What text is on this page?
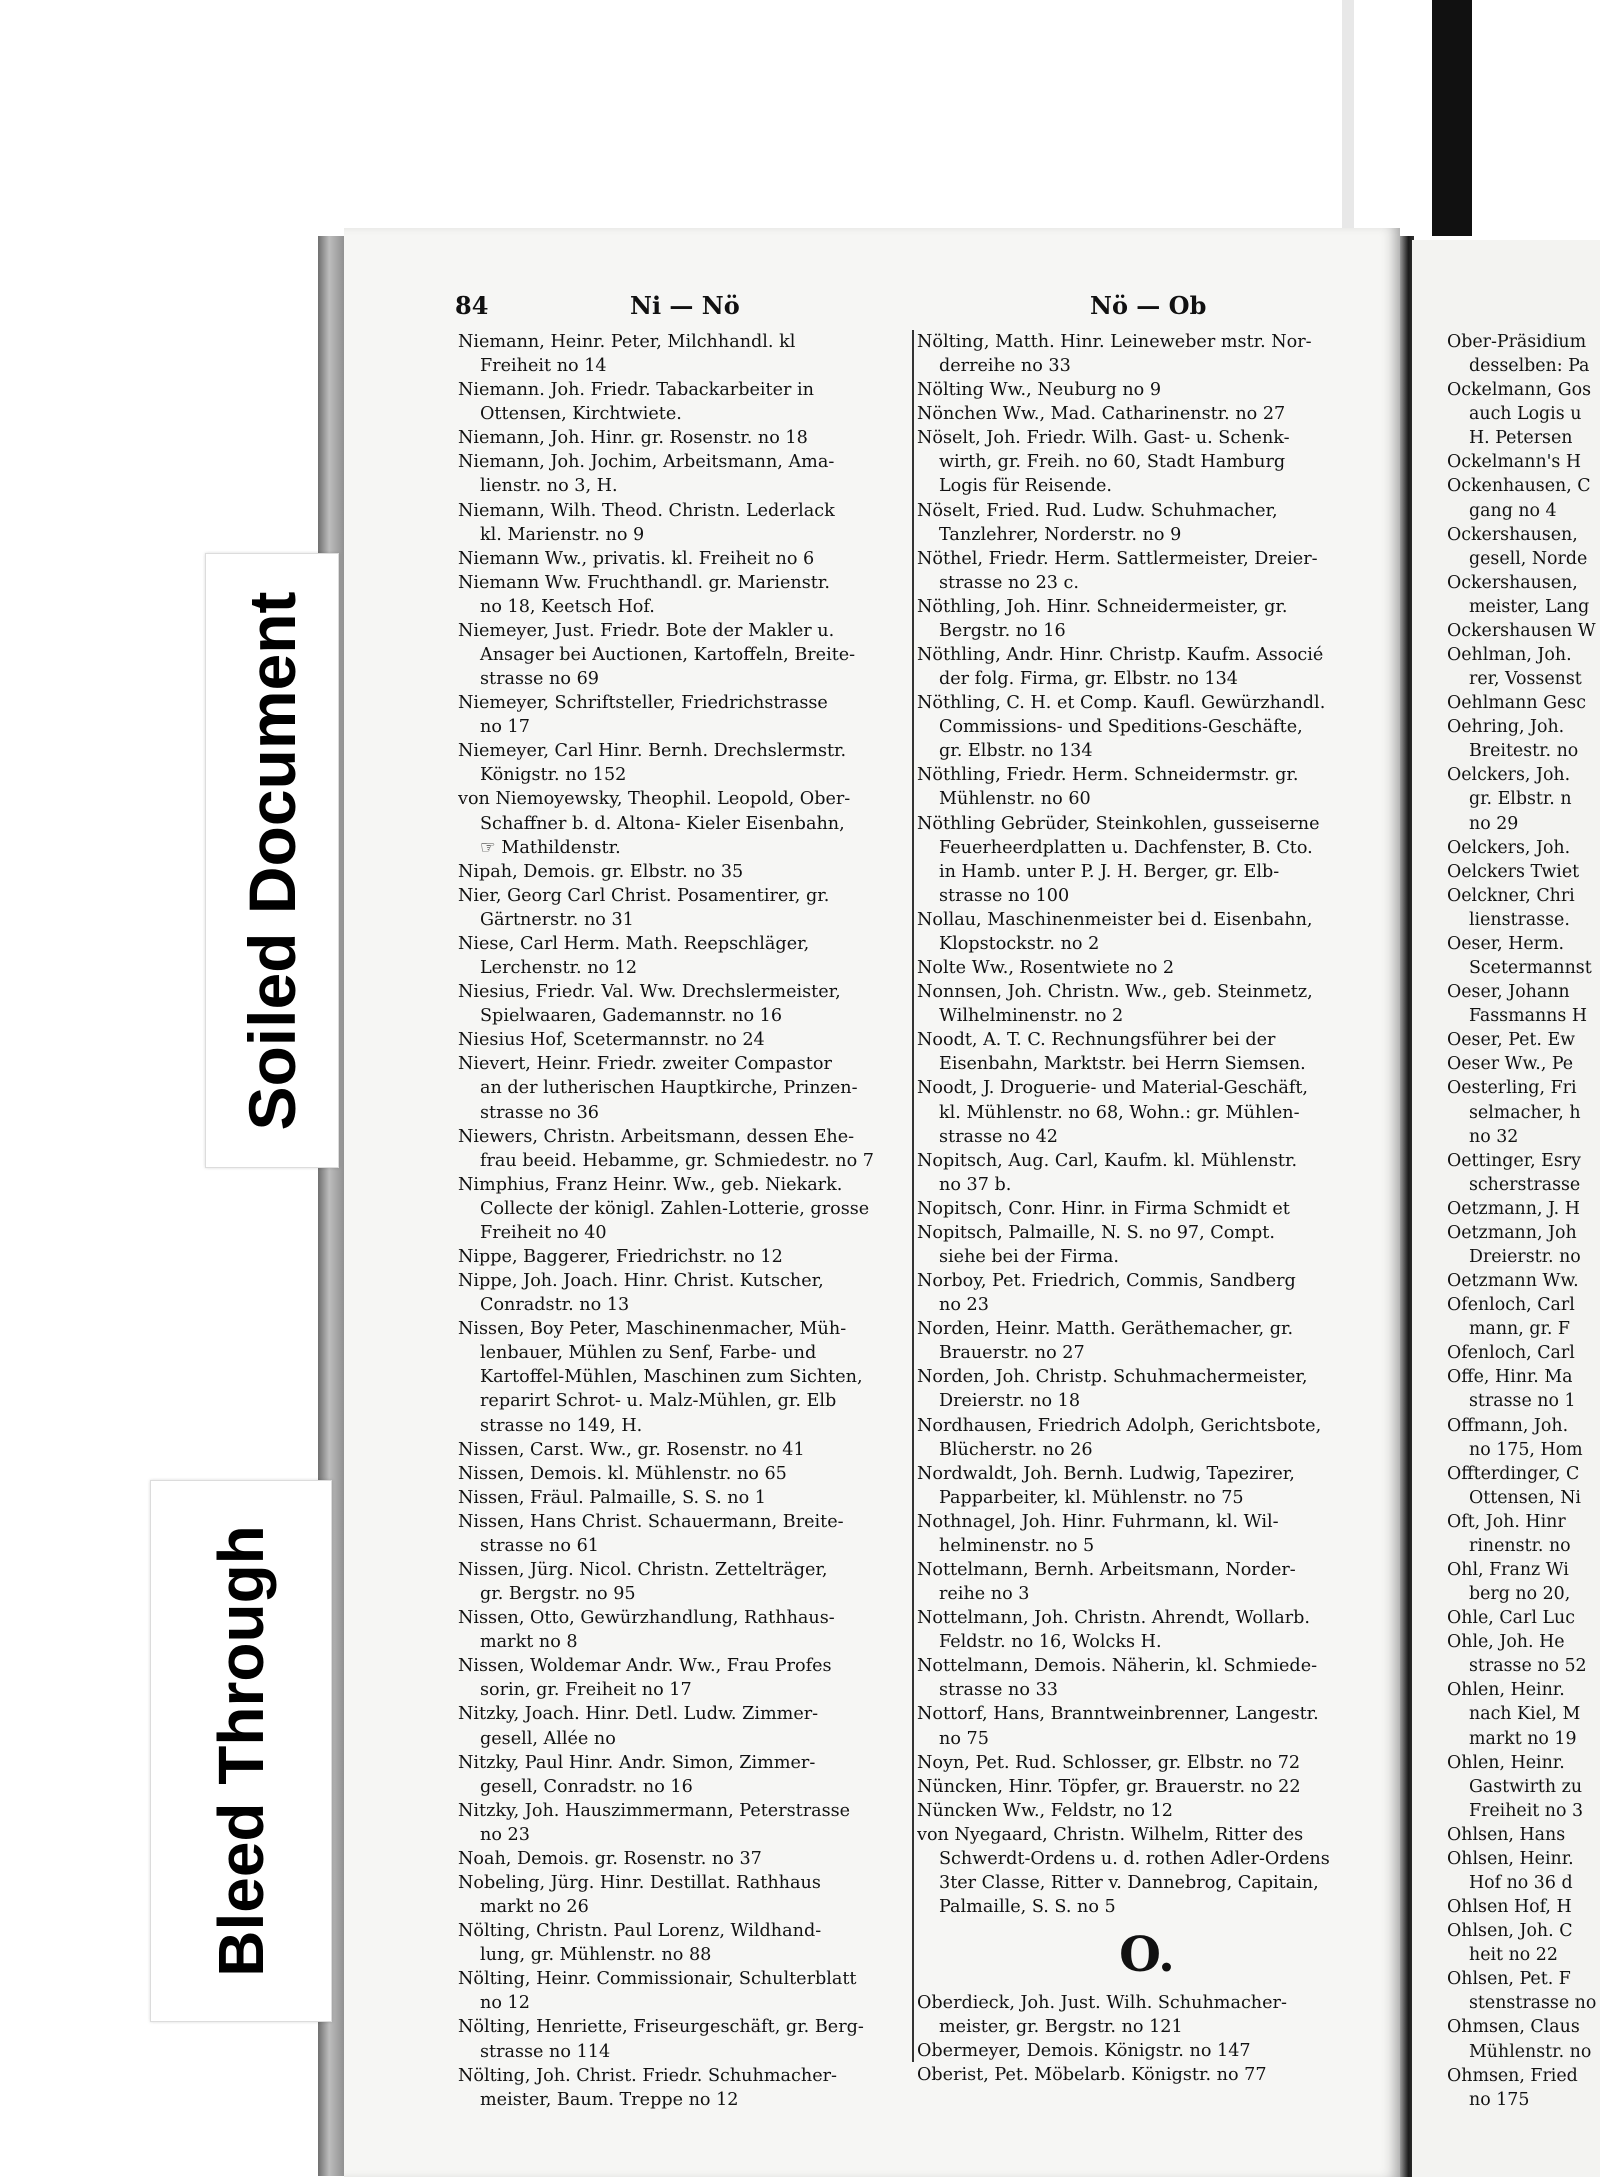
Soiled Document
Bleed Through
84	Ni — Nö	Nö — Ob
Niemann, Heinr. Peter, Milchhandl. kl
Freiheit no 14
Niemann. Joh. Friedr. Tabackarbeiter in
Ottensen, Kirchtwiete.
Niemann, Joh. Hinr. gr. Rosenstr. no 18
Niemann, Joh. Jochim, Arbeitsmann, Ama-
lienstr. no 3, H.
Niemann, Wilh. Theod. Christn. Lederlack
kl. Marienstr. no 9
Niemann Ww., privatis. kl. Freiheit no 6
Niemann Ww. Fruchthandl. gr. Marienstr.
no 18, Keetsch Hof.
Niemeyer, Just. Friedr. Bote der Makler u.
Ansager bei Auctionen, Kartoffeln, Breite-
strasse no 69
Niemeyer, Schriftsteller, Friedrichstrasse
no 17
Niemeyer, Carl Hinr. Bernh. Drechslermstr.
Königstr. no 152
von Niemoyewsky, Theophil. Leopold, Ober-
Schaffner b. d. Altona- Kieler Eisenbahn,
☞ Mathildenstr.
Nipah, Demois. gr. Elbstr. no 35
Nier, Georg Carl Christ. Posamentirer, gr.
Gärtnerstr. no 31
Niese, Carl Herm. Math. Reepschläger,
Lerchenstr. no 12
Niesius, Friedr. Val. Ww. Drechslermeister,
Spielwaaren, Gademannstr. no 16
Niesius Hof, Scetermannstr. no 24
Nievert, Heinr. Friedr. zweiter Compastor
an der lutherischen Hauptkirche, Prinzen-
strasse no 36
Niewers, Christn. Arbeitsmann, dessen Ehe-
frau beeid. Hebamme, gr. Schmiedestr. no 7
Nimphius, Franz Heinr. Ww., geb. Niekark.
Collecte der königl. Zahlen-Lotterie, grosse
Freiheit no 40
Nippe, Baggerer, Friedrichstr. no 12
Nippe, Joh. Joach. Hinr. Christ. Kutscher,
Conradstr. no 13
Nissen, Boy Peter, Maschinenmacher, Müh-
lenbauer, Mühlen zu Senf, Farbe- und
Kartoffel-Mühlen, Maschinen zum Sichten,
reparirt Schrot- u. Malz-Mühlen, gr. Elb
strasse no 149, H.
Nissen, Carst. Ww., gr. Rosenstr. no 41
Nissen, Demois. kl. Mühlenstr. no 65
Nissen, Fräul. Palmaille, S. S. no 1
Nissen, Hans Christ. Schauermann, Breite-
strasse no 61
Nissen, Jürg. Nicol. Christn. Zettelträger,
gr. Bergstr. no 95
Nissen, Otto, Gewürzhandlung, Rathhaus-
markt no 8
Nissen, Woldemar Andr. Ww., Frau Profes
sorin, gr. Freiheit no 17
Nitzky, Joach. Hinr. Detl. Ludw. Zimmer-
gesell, Allée no
Nitzky, Paul Hinr. Andr. Simon, Zimmer-
gesell, Conradstr. no 16
Nitzky, Joh. Hauszimmermann, Peterstrasse
no 23
Noah, Demois. gr. Rosenstr. no 37
Nobeling, Jürg. Hinr. Destillat. Rathhaus
markt no 26
Nölting, Christn. Paul Lorenz, Wildhand-
lung, gr. Mühlenstr. no 88
Nölting, Heinr. Commissionair, Schulterblatt
no 12
Nölting, Henriette, Friseurgeschäft, gr. Berg-
strasse no 114
Nölting, Joh. Christ. Friedr. Schuhmacher-
meister, Baum. Treppe no 12
Nölting, Matth. Hinr. Leineweber mstr. Nor-
derreihe no 33
Nölting Ww., Neuburg no 9
Nönchen Ww., Mad. Catharinenstr. no 27
Nöselt, Joh. Friedr. Wilh. Gast- u. Schenk-
wirth, gr. Freih. no 60, Stadt Hamburg
Logis für Reisende.
Nöselt, Fried. Rud. Ludw. Schuhmacher,
Tanzlehrer, Norderstr. no 9
Nöthel, Friedr. Herm. Sattlermeister, Dreier-
strasse no 23 c.
Nöthling, Joh. Hinr. Schneidermeister, gr.
Bergstr. no 16
Nöthling, Andr. Hinr. Christp. Kaufm. Associé
der folg. Firma, gr. Elbstr. no 134
Nöthling, C. H. et Comp. Kaufl. Gewürzhandl.
Commissions- und Speditions-Geschäfte,
gr. Elbstr. no 134
Nöthling, Friedr. Herm. Schneidermstr. gr.
Mühlenstr. no 60
Nöthling Gebrüder, Steinkohlen, gusseiserne
Feuerheerdplatten u. Dachfenster, B. Cto.
in Hamb. unter P. J. H. Berger, gr. Elb-
strasse no 100
Nollau, Maschinenmeister bei d. Eisenbahn,
Klopstockstr. no 2
Nolte Ww., Rosentwiete no 2
Nonnsen, Joh. Christn. Ww., geb. Steinmetz,
Wilhelminenstr. no 2
Noodt, A. T. C. Rechnungsführer bei der
Eisenbahn, Marktstr. bei Herrn Siemsen.
Noodt, J. Droguerie- und Material-Geschäft,
kl. Mühlenstr. no 68, Wohn.: gr. Mühlen-
strasse no 42
Nopitsch, Aug. Carl, Kaufm. kl. Mühlenstr.
no 37 b.
Nopitsch, Conr. Hinr. in Firma Schmidt et
Nopitsch, Palmaille, N. S. no 97, Compt.
siehe bei der Firma.
Norboy, Pet. Friedrich, Commis, Sandberg
no 23
Norden, Heinr. Matth. Geräthemacher, gr.
Brauerstr. no 27
Norden, Joh. Christp. Schuhmachermeister,
Dreierstr. no 18
Nordhausen, Friedrich Adolph, Gerichtsbote,
Blücherstr. no 26
Nordwaldt, Joh. Bernh. Ludwig, Tapezirer,
Papparbeiter, kl. Mühlenstr. no 75
Nothnagel, Joh. Hinr. Fuhrmann, kl. Wil-
helminenstr. no 5
Nottelmann, Bernh. Arbeitsmann, Norder-
reihe no 3
Nottelmann, Joh. Christn. Ahrendt, Wollarb.
Feldstr. no 16, Wolcks H.
Nottelmann, Demois. Näherin, kl. Schmiede-
strasse no 33
Nottorf, Hans, Branntweinbrenner, Langestr.
no 75
Noyn, Pet. Rud. Schlosser, gr. Elbstr. no 72
Nüncken, Hinr. Töpfer, gr. Brauerstr. no 22
Nüncken Ww., Feldstr, no 12
von Nyegaard, Christn. Wilhelm, Ritter des
Schwerdt-Ordens u. d. rothen Adler-Ordens
3ter Classe, Ritter v. Dannebrog, Capitain,
Palmaille, S. S. no 5
O.
Oberdieck, Joh. Just. Wilh. Schuhmacher-
meister, gr. Bergstr. no 121
Obermeyer, Demois. Königstr. no 147
Oberist, Pet. Möbelarb. Königstr. no 77
Ober-Präsidium
desselben: Pa
Ockelmann, Gos
auch Logis u
H. Petersen
Ockelmann's H
Ockenhausen, C
gang no 4
Ockershausen,
gesell, Norde
Ockershausen,
meister, Lang
Ockershausen W
Oehlman, Joh.
rer, Vossenst
Oehlmann Gesc
Oehring, Joh.
Breitestr. no
Oelckers, Joh.
gr. Elbstr. n
no 29
Oelckers, Joh.
Oelckers Twiet
Oelckner, Chri
lienstrasse.
Oeser, Herm.
Scetermannst
Oeser, Johann
Fassmanns H
Oeser, Pet. Ew
Oeser Ww., Pe
Oesterling, Fri
selmacher, h
no 32
Oettinger, Esry
scherstrasse
Oetzmann, J. H
Oetzmann, Joh
Dreierstr. no
Oetzmann Ww.
Ofenloch, Carl
mann, gr. F
Ofenloch, Carl
Offe, Hinr. Ma
strasse no 1
Offmann, Joh.
no 175, Hom
Offterdinger, C
Ottensen, Ni
Oft, Joh. Hinr
rinenstr. no
Ohl, Franz Wi
berg no 20,
Ohle, Carl Luc
Ohle, Joh. He
strasse no 52
Ohlen, Heinr.
nach Kiel, M
markt no 19
Ohlen, Heinr.
Gastwirth zu
Freiheit no 3
Ohlsen, Hans
Ohlsen, Heinr.
Hof no 36 d
Ohlsen Hof, H
Ohlsen, Joh. C
heit no 22
Ohlsen, Pet. F
stenstrasse no
Ohmsen, Claus
Mühlenstr. no
Ohmsen, Fried
no 175
